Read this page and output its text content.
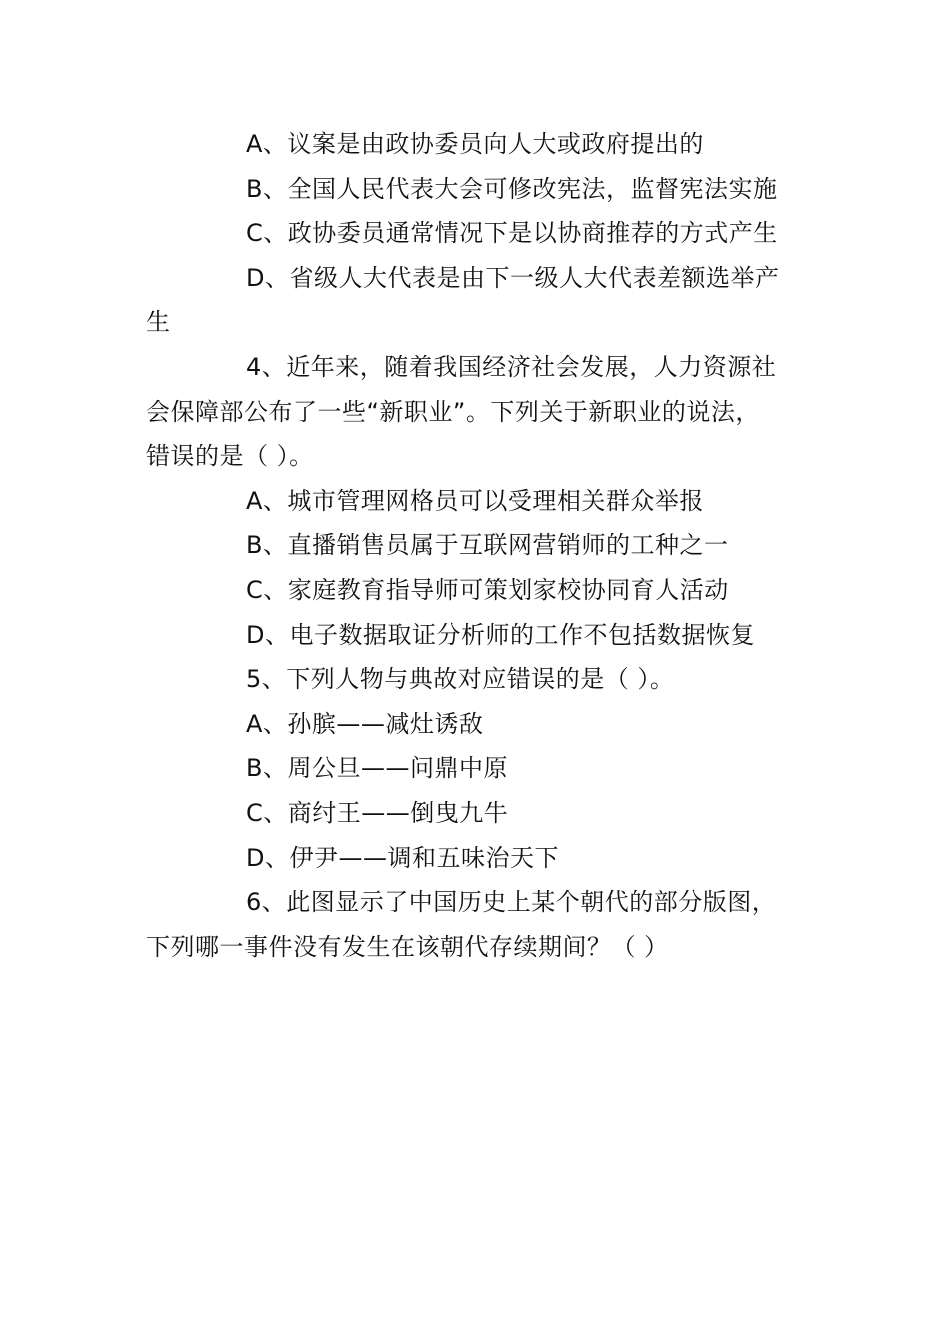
A、议案是由政协委员向人大或政府提出的
B、全国人民代表大会可修改宪法，监督宪法实施
C、政协委员通常情况下是以协商推荐的方式产生
D、省级人大代表是由下一级人大代表差额选举产
生
4、近年来，随着我国经济社会发展，人力资源社
会保障部公布了一些“新职业”。下列关于新职业的说法，
错误的是（ ）。
A、城市管理网格员可以受理相关群众举报
B、直播销售员属于互联网营销师的工种之一
C、家庭教育指导师可策划家校协同育人活动
D、电子数据取证分析师的工作不包括数据恢复
5、下列人物与典故对应错误的是（ ）。
A、孙膑——减灶诱敌
B、周公旦——问鼎中原
C、商纣王——倒曳九牛
D、伊尹——调和五味治天下
6、此图显示了中国历史上某个朝代的部分版图，
下列哪一事件没有发生在该朝代存续期间？（ ）
